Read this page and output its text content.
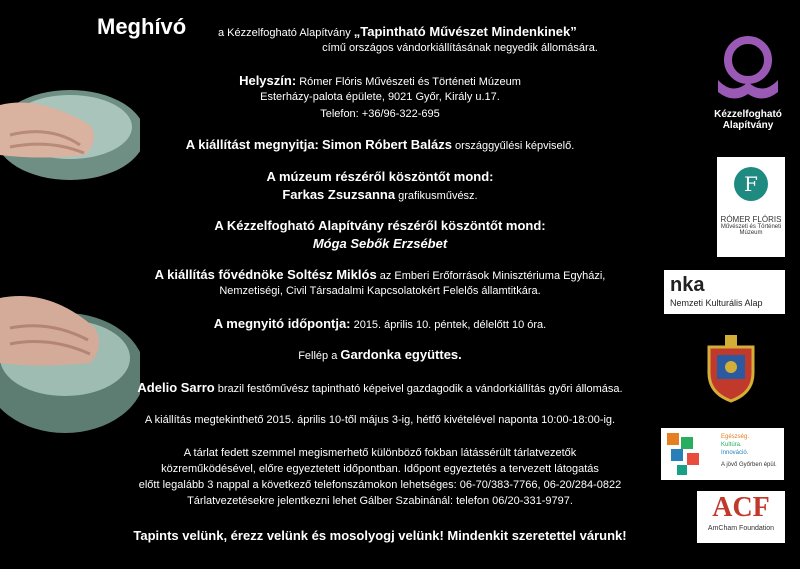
Meghívó	a Kézzelfogható Alapítvány „Tapintható Művészet Mindenkinek”
című országos vándorkiállításának negyedik állomására.
Helyszín: Rómer Flóris Művészeti és Történeti Múzeum
Esterházy-palota épülete, 9021 Győr, Király u.17.
Telefon: +36/96-322-695
A kiállítást megnyitja: Simon Róbert Balázs országgyűlési képviselő.
A múzeum részéről köszöntőt mond:
Farkas Zsuzsanna grafikusművész.
A Kézzelfogható Alapítvány részéről köszöntőt mond:
Móga Sebők Erzsébet
A kiállítás fővédnöke Soltész Miklós az Emberi Erőforrások Minisztériuma Egyházi,
Nemzetiségi, Civil Társadalmi Kapcsolatokért Felelős államtitkára.
A megnyitó időpontja: 2015. április 10. péntek, délelőtt 10 óra.
Fellép a Gardonka együttes.
Adelio Sarro brazil festőművész tapintható képeivel gazdagodik a vándorkiállítás győri állomása.
A kiállítás megtekinthető 2015. április 10-től május 3-ig, hétfő kivételével naponta 10:00-18:00-ig.
A tárlat fedett szemmel megismerhető különböző fokban látássérült tárlatvezetők
közreműködésével, előre egyeztetett időpontban. Időpont egyeztetés a tervezett látogatás
előtt legalább 3 nappal a következő telefonszámokon lehetséges: 06-70/383-7766, 06-20/284-0822
Tárlatvezetésekre jelentkezni lehet Gálber Szabinánál: telefon 06/20-331-9797.
Tapints velünk, érezz velünk és mosolyogj velünk! Mindenkit szeretettel várunk!
Kézzelfogható
Alapítvány
F
RÓMER FLÓRIS
Művészeti és Történeti
Múzeum
nka
Nemzeti Kulturális Alap
Egészség.
Kultúra.
Innováció.
A jövő Győrben épül.
ACF
AmCham Foundation
